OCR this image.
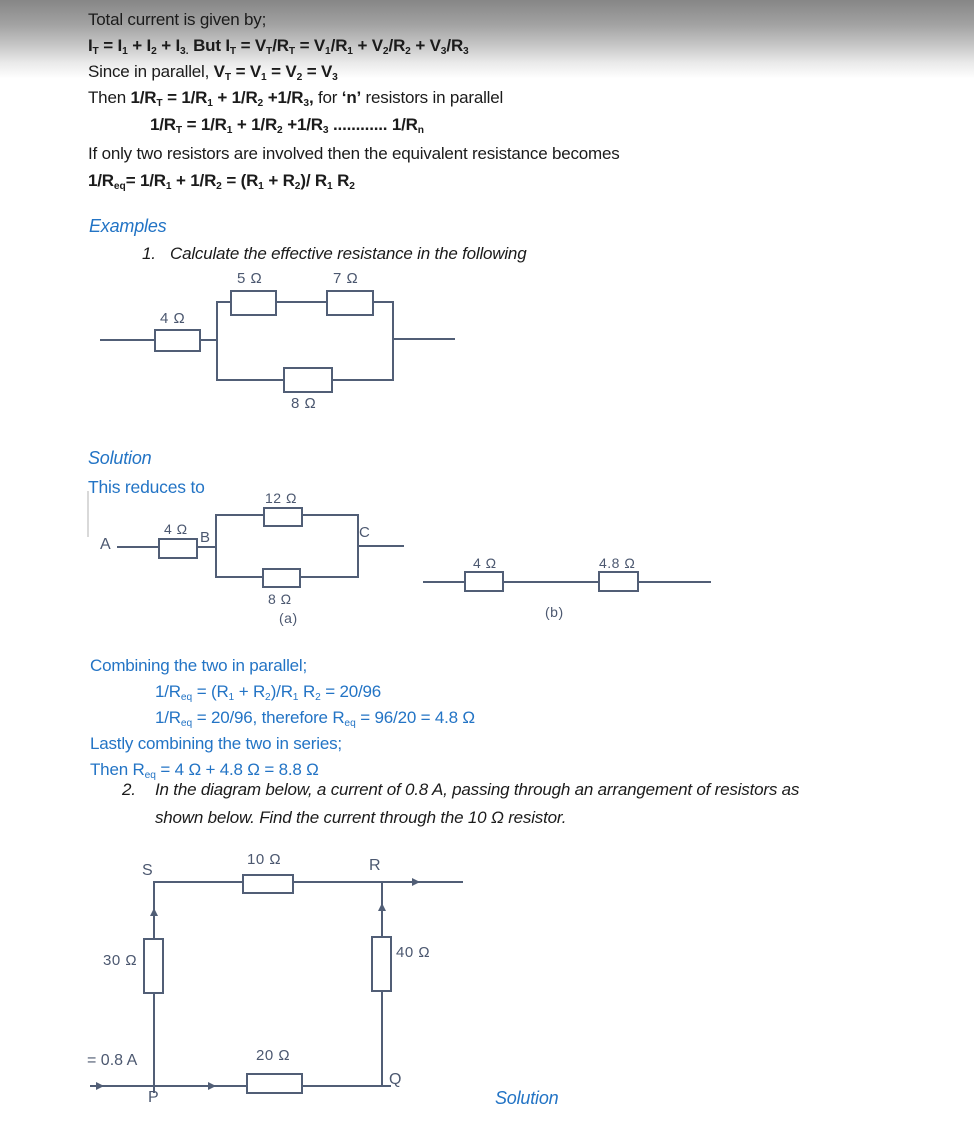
Total current is given by;
$I_T = I_1 + I_2 + I_{3.}$ But $I_T = V_T/R_T = V_1/R_1 + V_2/R_2 + V_3/R_3$
Since in parallel, $V_T = V_1 = V_2 = V_3$
Then $1/R_T = 1/R_1 + 1/R_2 +1/R_3$, for ‘n’ resistors in parallel
$1/R_T = 1/R_1 + 1/R_2 +1/R_3$ ............ $1/R_n$
If only two resistors are involved then the equivalent resistance becomes
$1/R_{eq}= 1/R_1 + 1/R_2 = (R_1 + R_2)/$ $R_1$ $R_2$
Examples
1. Calculate the effective resistance in the following
4 Ω
5 Ω	7 Ω
8 Ω
Solution
This reduces to
A
4 Ω B
12 Ω
C
8 Ω
(a)
4 Ω	4.8 Ω
(b)
Combining the two in parallel;
$1/R_{eq} = (R_1 + R_2)/R_1$ $R_2 = 20/96$
$1/R_{eq} = 20/96$, therefore $R_{eq} = 96/20 = 4.8$ Ω
Lastly combining the two in series;
Then $R_{eq} = 4$ Ω + 4.8 Ω = 8.8 Ω
2. In the diagram below, a current of 0.8 A, passing through an arrangement of resistors as
shown below. Find the current through the 10 Ω resistor.
S
10 Ω	R
30 Ω	40 Ω
= 0.8 A	20 Ω
P
Q
Solution
